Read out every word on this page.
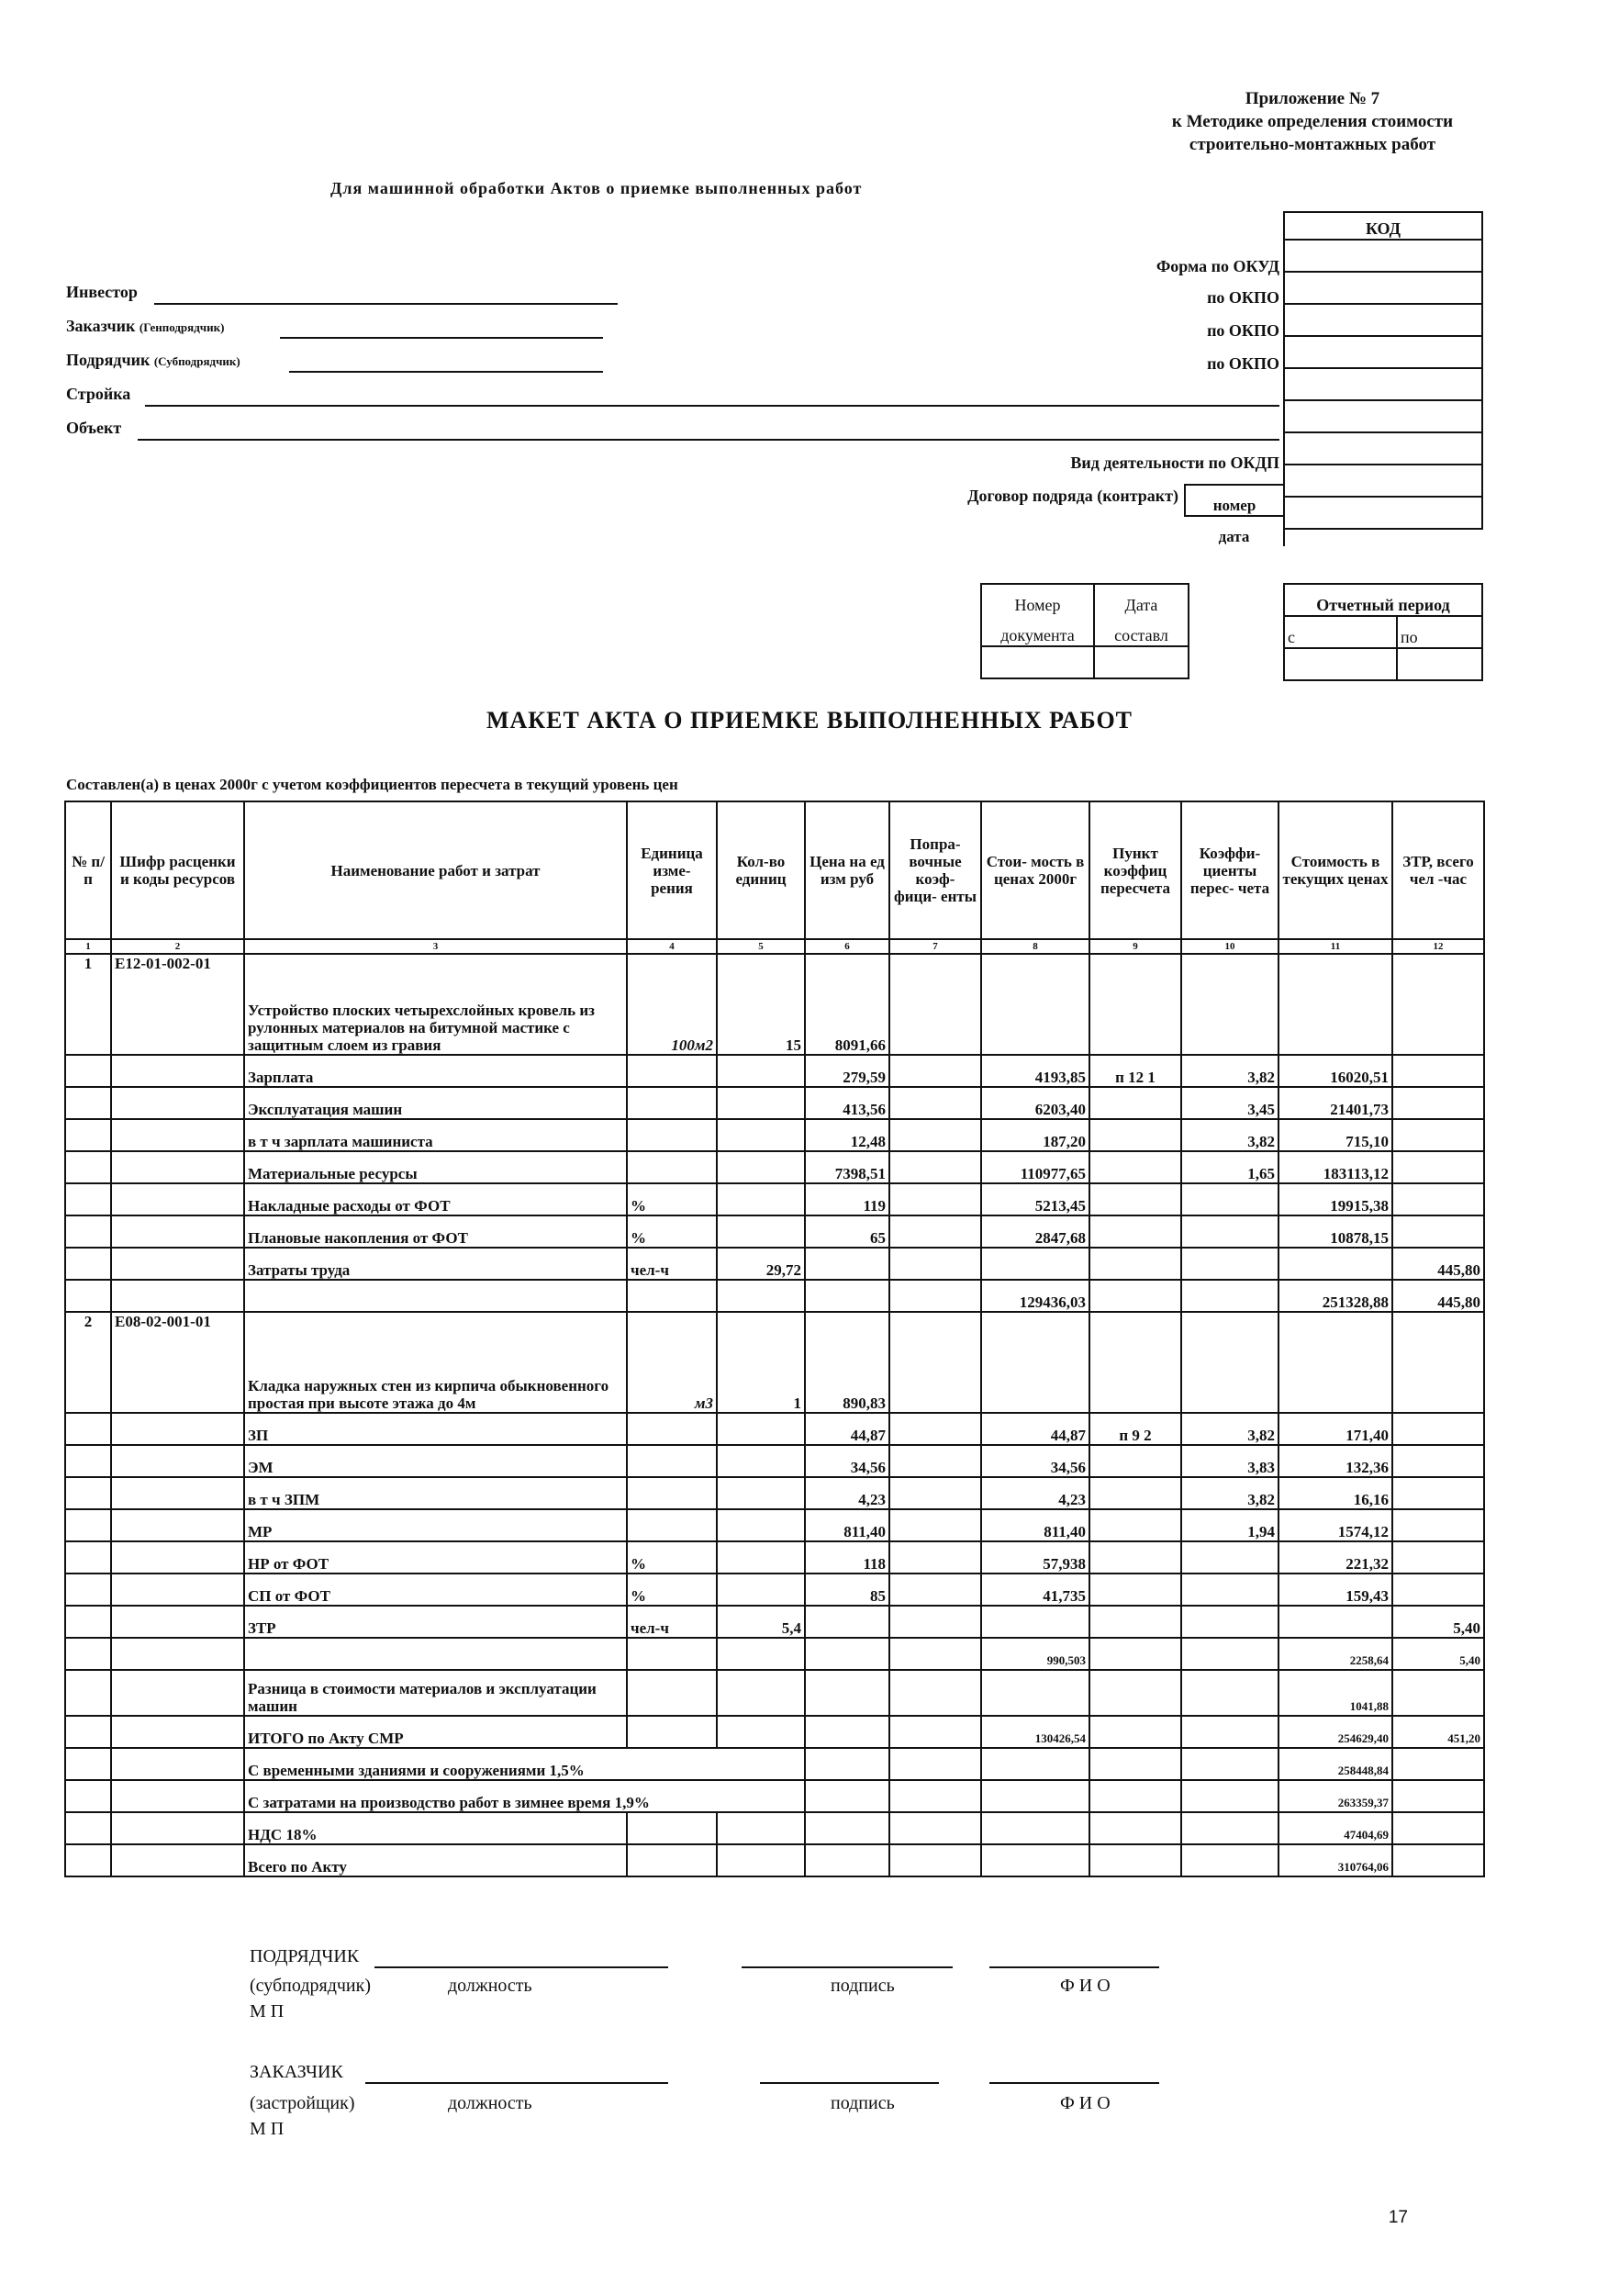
Приложение № 7
к Методике определения стоимости
строительно-монтажных работ
Для машинной обработки Актов о приемке выполненных работ
КОД

Форма по ОКУД
по ОКПО
по ОКПО
по ОКПО
Вид деятельности по ОКДП
Договор подряда (контракт)
номер
дата
Инвестор
Заказчик (Генподрядчик)
Подрядчик (Субподрядчик)
Стройка
Объект
Номер	Дата
документа	составл

Отчетный период	
с	по

МАКЕТ АКТА О ПРИЕМКЕ ВЫПОЛНЕННЫХ РАБОТ
Составлен(а) в ценах 2000г с учетом коэффициентов пересчета в текущий уровень цен
№ п/п	Шифр расценки и коды ресурсов	Наименование работ и затрат	Единица изме- рения	Кол-во единиц	Цена на ед изм руб	Попра- вочные коэф- фици- енты	Стои- мость в ценах 2000г	Пункт коэффиц пересчета	Коэффи- циенты перес- чета	Стоимость в текущих ценах	ЗТР, всего чел -час
1	2	3	4	5	6	7	8	9	10	11	12
1	Е12-01-002-01	Устройство плоских четырехслойных кровель из рулонных материалов на битумной мастике с защитным слоем из гравия	100м2	15	8091,66						
		Зарплата			279,59		4193,85	п 12 1	3,82	16020,51	
		Эксплуатация машин			413,56		6203,40		3,45	21401,73	
		в т ч зарплата машиниста			12,48		187,20		3,82	715,10	
		Материальные ресурсы			7398,51		110977,65		1,65	183113,12	
		Накладные расходы от ФОТ	%		119		5213,45			19915,38	
		Плановые накопления от ФОТ	%		65		2847,68			10878,15	
		Затраты труда	чел-ч	29,72							445,80
							129436,03			251328,88	445,80
2	Е08-02-001-01	Кладка наружных стен из кирпича обыкновенного простая при высоте этажа до 4м	м3	1	890,83						
		ЗП			44,87		44,87	п 9 2	3,82	171,40	
		ЭМ			34,56		34,56		3,83	132,36	
		в т ч ЗПМ			4,23		4,23		3,82	16,16	
		МР			811,40		811,40		1,94	1574,12	
		НР от ФОТ	%		118		57,938			221,32	
		СП от ФОТ	%		85		41,735			159,43	
		ЗТР	чел-ч	5,4							5,40
							990,503			2258,64	5,40
		Разница в стоимости материалов и эксплуатации машин								1041,88	
		ИТОГО по Акту СМР					130426,54			254629,40	451,20
		С временными зданиями и сооружениями 1,5%								258448,84	
		С затратами на производство работ в зимнее время 1,9%								263359,37	
		НДС 18%								47404,69	
		Всего по Акту								310764,06	
ПОДРЯДЧИК
(субподрядчик)	должность	подпись	Ф И О
М П
ЗАКАЗЧИК
(застройщик)	должность	подпись	Ф И О
М П
17
